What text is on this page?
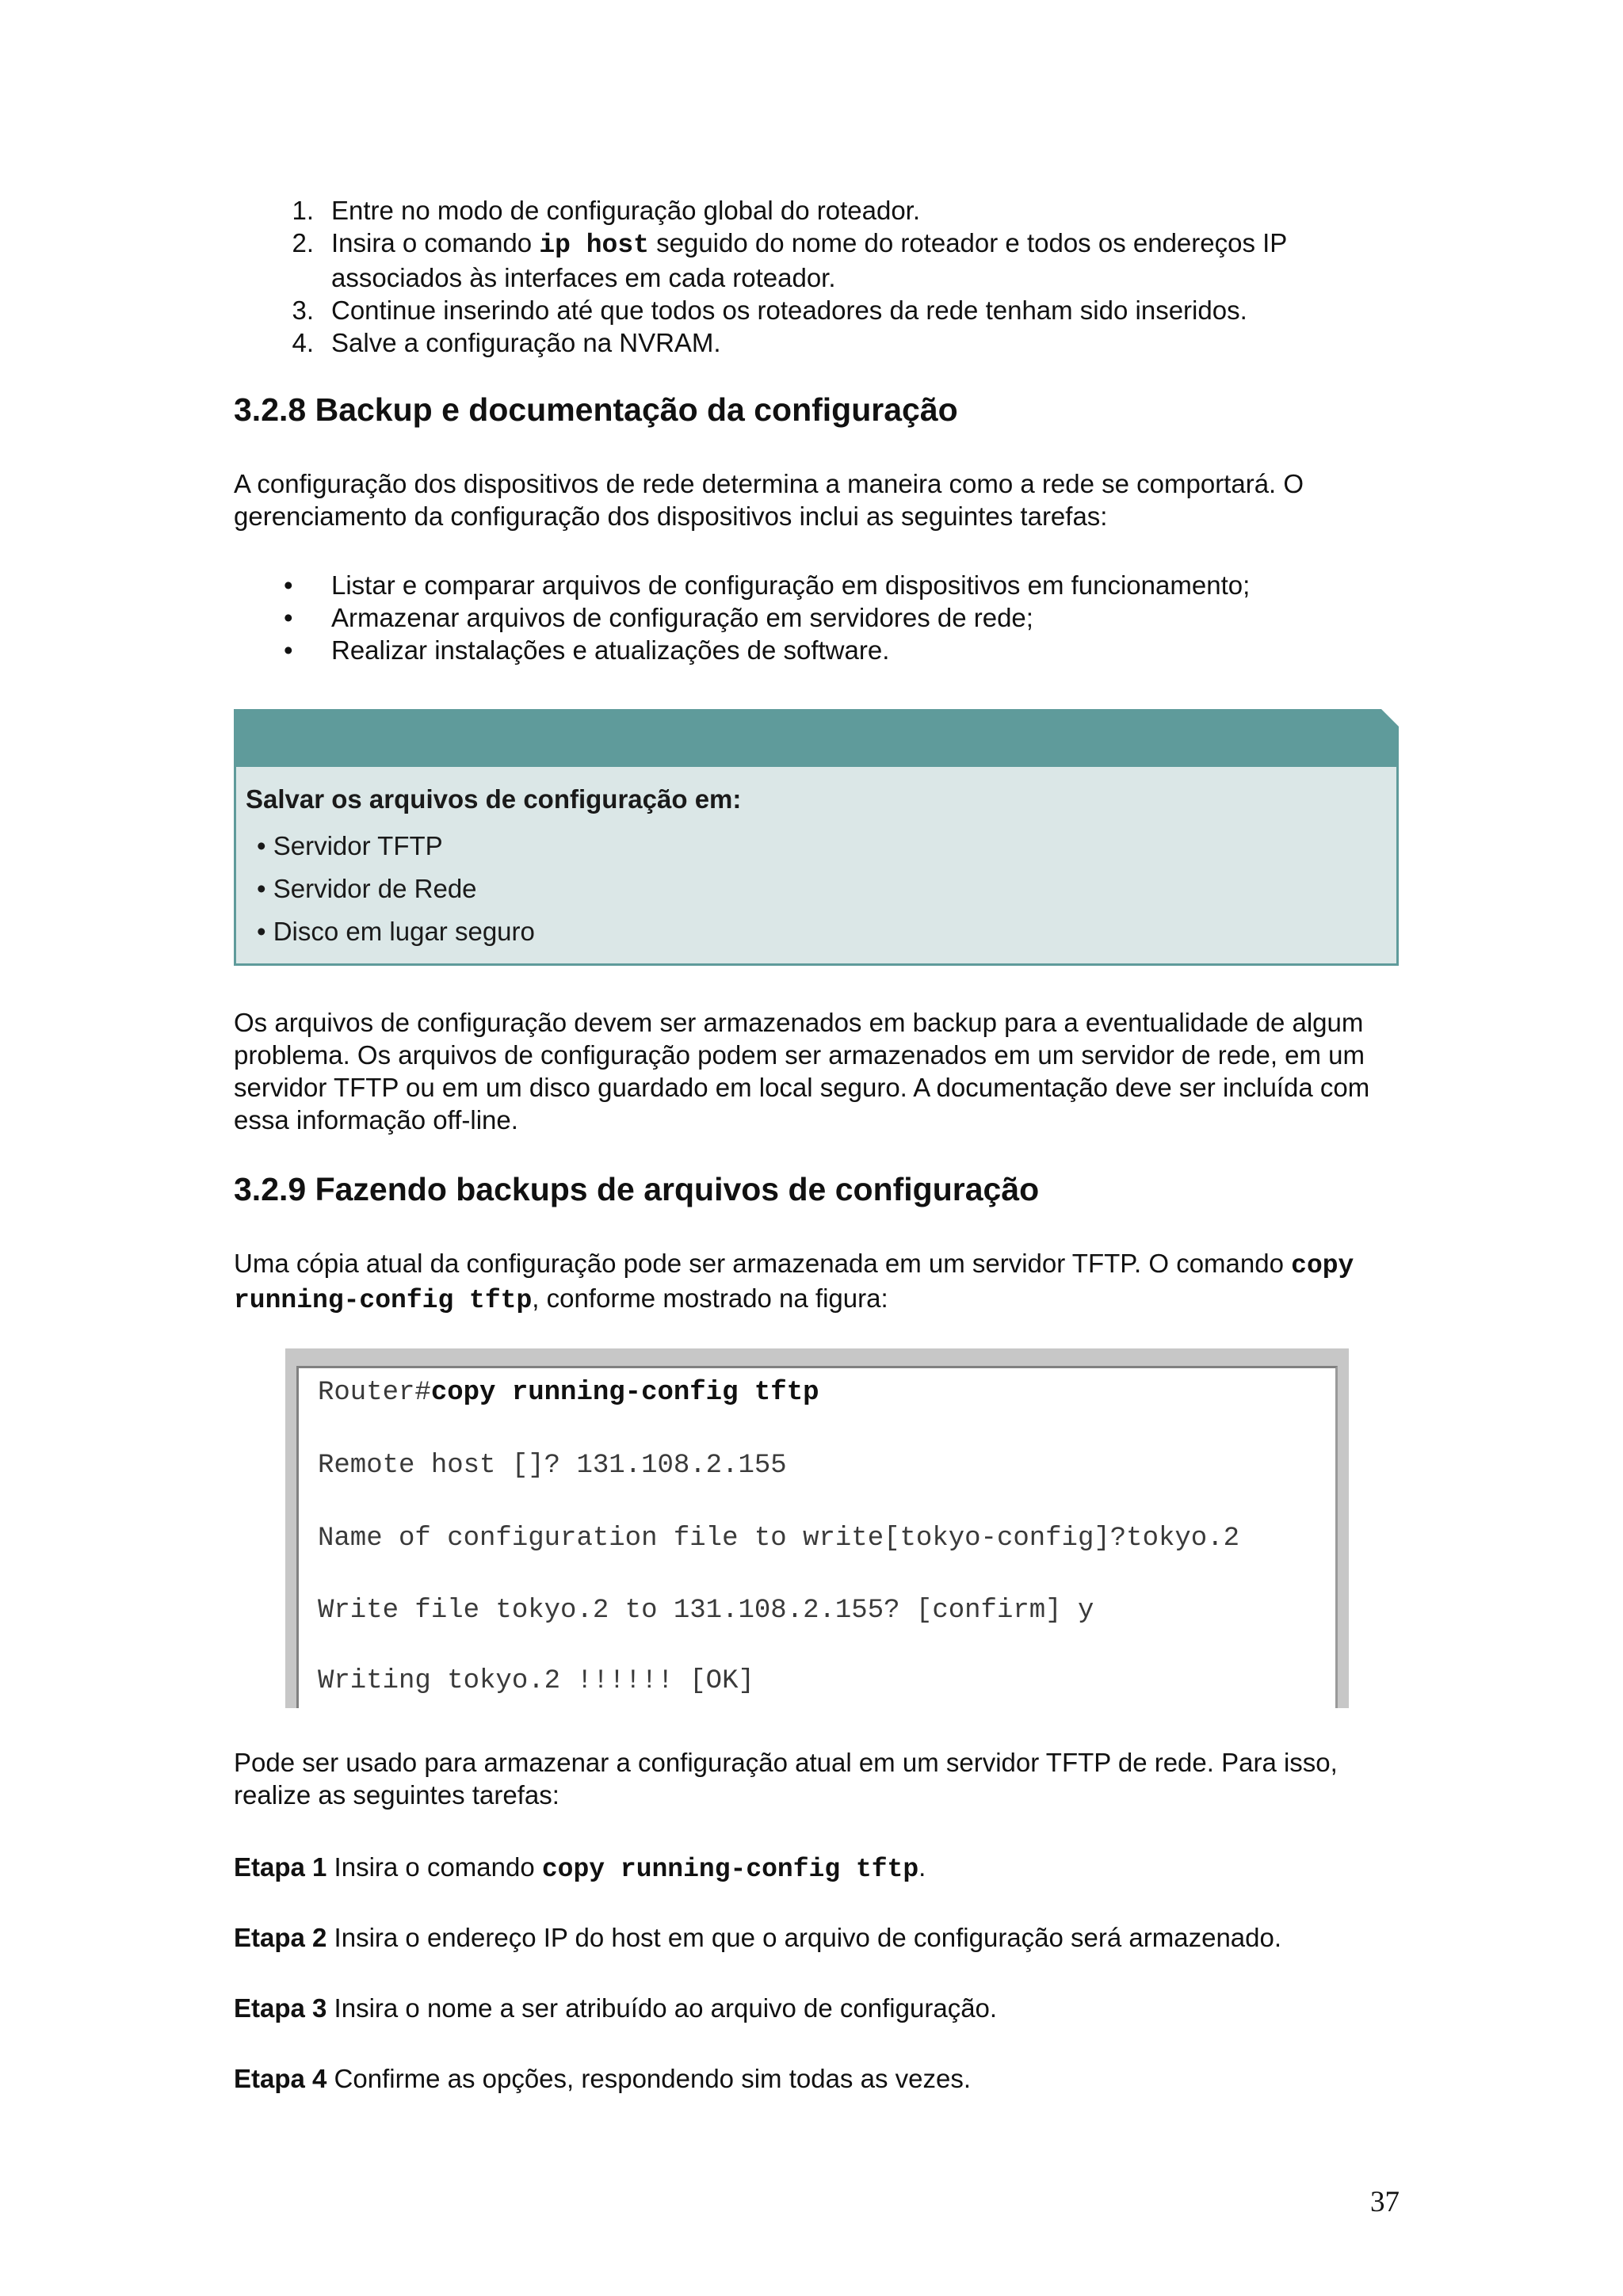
1. Entre no modo de configuração global do roteador.
2. Insira o comando ip host seguido do nome do roteador e todos os endereços IP associados às interfaces em cada roteador.
3. Continue inserindo até que todos os roteadores da rede tenham sido inseridos.
4. Salve a configuração na NVRAM.
3.2.8 Backup e documentação da configuração

A configuração dos dispositivos de rede determina a maneira como a rede se comportará. O gerenciamento da configuração dos dispositivos inclui as seguintes tarefas:

•	Listar e comparar arquivos de configuração em dispositivos em funcionamento;
•	Armazenar arquivos de configuração em servidores de rede;
•	Realizar instalações e atualizações de software.
Salvar os arquivos de configuração em:
• Servidor TFTP
• Servidor de Rede
• Disco em lugar seguro

Os arquivos de configuração devem ser armazenados em backup para a eventualidade de algum problema. Os arquivos de configuração podem ser armazenados em um servidor de rede, em um servidor TFTP ou em um disco guardado em local seguro. A documentação deve ser incluída com essa informação off-line.

3.2.9 Fazendo backups de arquivos de configuração

Uma cópia atual da configuração pode ser armazenada em um servidor TFTP. O comando copy running-config tftp, conforme mostrado na figura:

Router#copy running-config tftp
Remote host []? 131.108.2.155
Name of configuration file to write[tokyo-config]?tokyo.2
Write file tokyo.2 to 131.108.2.155? [confirm] y
Writing tokyo.2 !!!!!! [OK]

Pode ser usado para armazenar a configuração atual em um servidor TFTP de rede. Para isso, realize as seguintes tarefas:

Etapa 1 Insira o comando copy running-config tftp.
Etapa 2 Insira o endereço IP do host em que o arquivo de configuração será armazenado.
Etapa 3 Insira o nome a ser atribuído ao arquivo de configuração.
Etapa 4 Confirme as opções, respondendo sim todas as vezes.
37
